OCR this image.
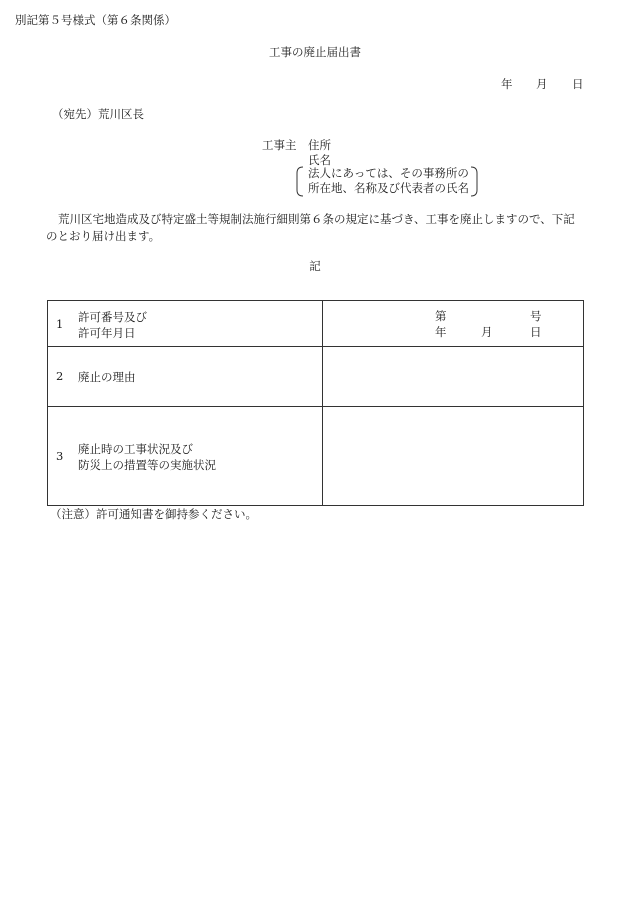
別記第５号様式（第６条関係）
工事の廃止届出書
年 月 日
（宛先）荒川区長
工事主 住所
氏名
法人にあっては、その事務所の
所在地、名称及び代表者の氏名
荒川区宅地造成及び特定盛土等規制法施行細則第６条の規定に基づき、工事を廃止しますので、下記
のとおり届け出ます。
記
1 許可番号及び
許可年月日	第 号
年 月 日

2 廃止の理由	

3 廃止時の工事状況及び
防災上の措置等の実施状況	

（注意）許可通知書を御持参ください。
